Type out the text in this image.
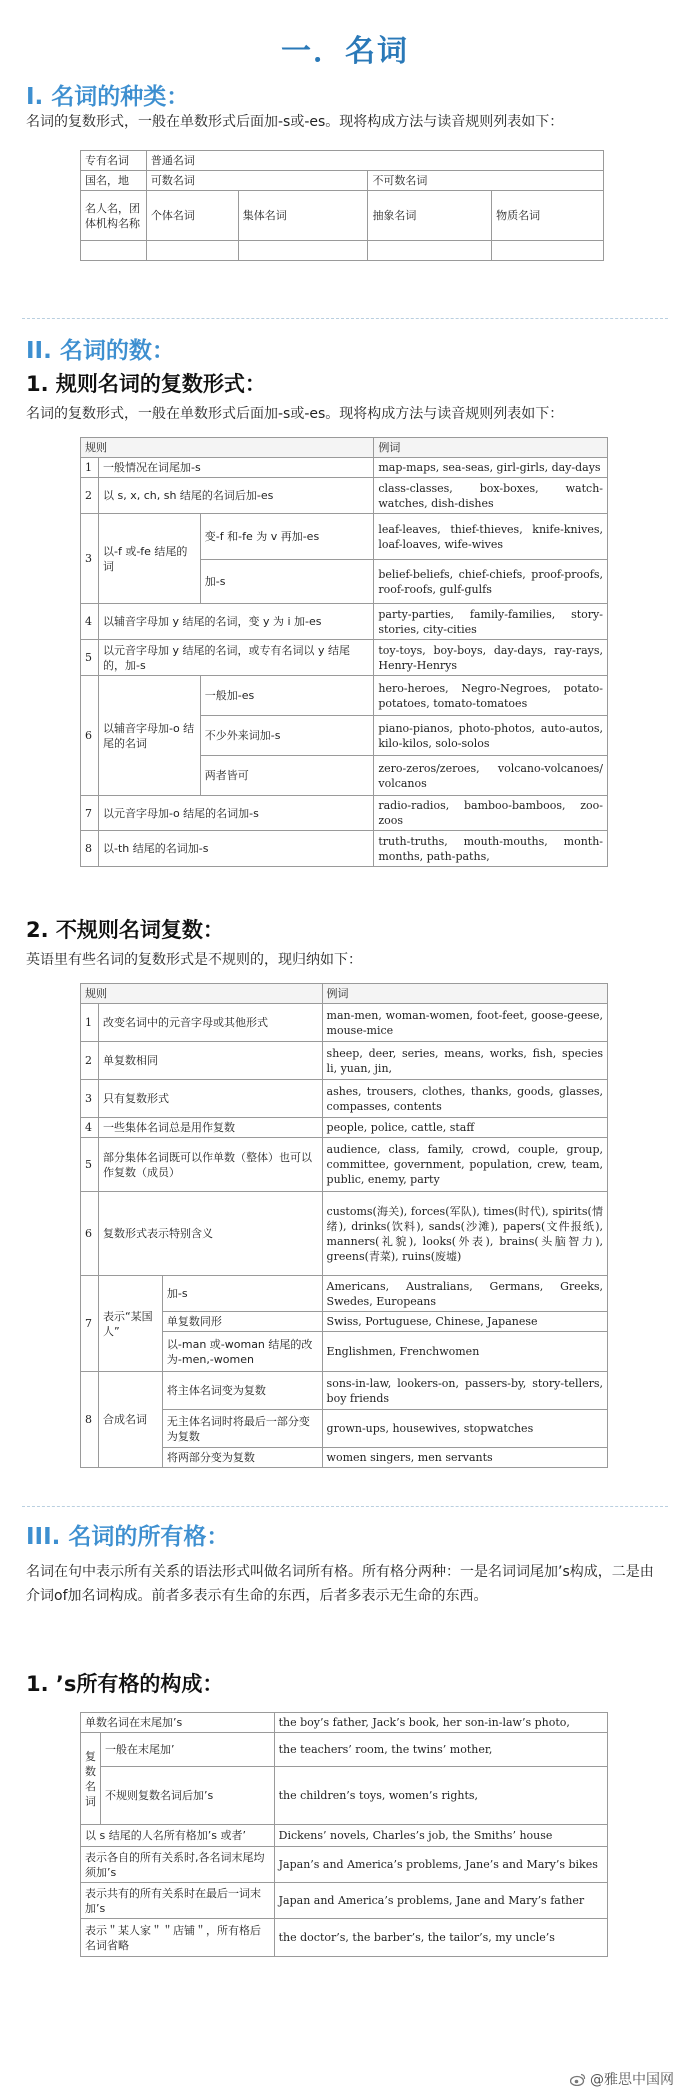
一．名词
I. 名词的种类：

名词的复数形式，一般在单数形式后面加-s或-es。现将构成方法与读音规则列表如下：

专有名词	普通名词			
国名，地	可数名词		不可数名词	
名人名，团体机构名称	个体名词	集体名词	抽象名词	物质名词

II. 名词的数：
1. 规则名词的复数形式：

名词的复数形式，一般在单数形式后面加-s或-es。现将构成方法与读音规则列表如下：

规则			例词
1	一般情况在词尾加-s		map-maps, sea-seas, girl-girls, day-days
2	以 s, x, ch, sh 结尾的名词后加-es		class-classes, box-boxes, watch-watches, dish-dishes
3	以-f 或-fe 结尾的词	变-f 和-fe 为 v 再加-es	leaf-leaves, thief-thieves, knife-knives, loaf-loaves, wife-wives
		加-s	belief-beliefs, chief-chiefs, proof-proofs, roof-roofs, gulf-gulfs
4	以辅音字母加 y 结尾的名词，变 y 为 i 加-es		party-parties, family-families, story-stories, city-cities
5	以元音字母加 y 结尾的名词，或专有名词以 y 结尾的，加-s		toy-toys, boy-boys, day-days, ray-rays, Henry-Henrys
6	以辅音字母加-o 结尾的名词	一般加-es	hero-heroes, Negro-Negroes, potato-potatoes, tomato-tomatoes
		不少外来词加-s	piano-pianos, photo-photos, auto-autos, kilo-kilos, solo-solos
		两者皆可	zero-zeros/zeroes, volcano-volcanoes/ volcanos
7	以元音字母加-o 结尾的名词加-s		radio-radios, bamboo-bamboos, zoo-zoos
8	以-th 结尾的名词加-s		truth-truths, mouth-mouths, month-months, path-paths,
2. 不规则名词复数：

英语里有些名词的复数形式是不规则的，现归纳如下：

规则			例词
1	改变名词中的元音字母或其他形式		man-men, woman-women, foot-feet, goose-geese, mouse-mice
2	单复数相同		sheep, deer, series, means, works, fish, species li, yuan, jin,
3	只有复数形式		ashes, trousers, clothes, thanks, goods, glasses, compasses, contents
4	一些集体名词总是用作复数		people, police, cattle, staff
5	部分集体名词既可以作单数（整体）也可以作复数（成员）		audience, class, family, crowd, couple, group, committee, government, population, crew, team, public, enemy, party
6	复数形式表示特别含义		customs(海关), forces(军队), times(时代), spirits(情绪), drinks(饮料), sands(沙滩), papers(文件报纸), manners(礼貌), looks(外表), brains(头脑智力), greens(青菜), ruins(废墟)
7	表示“某国人”	加-s	Americans, Australians, Germans, Greeks, Swedes, Europeans
		单复数同形	Swiss, Portuguese, Chinese, Japanese
		以-man 或-woman 结尾的改为-men,-women	Englishmen, Frenchwomen
8	合成名词	将主体名词变为复数	sons-in-law, lookers-on, passers-by, story-tellers, boy friends
		无主体名词时将最后一部分变为复数	grown-ups, housewives, stopwatches
		将两部分变为复数	women singers, men servants
III. 名词的所有格：

名词在句中表示所有关系的语法形式叫做名词所有格。所有格分两种：一是名词词尾加’s构成，二是由介词of加名词构成。前者多表示有生命的东西，后者多表示无生命的东西。

1. ’s所有格的构成：
单数名词在末尾加’s		the boy’s father, Jack’s book, her son-in-law’s photo,
复数名词	一般在末尾加’	the teachers’ room, the twins’ mother,
	不规则复数名词后加’s	the children’s toys, women’s rights,
以 s 结尾的人名所有格加’s 或者’		Dickens’ novels, Charles’s job, the Smiths’ house
表示各自的所有关系时,各名词末尾均须加’s		Japan’s and America’s problems, Jane’s and Mary’s bikes
表示共有的所有关系时在最后一词末加’s		Japan and America’s problems, Jane and Mary’s father
表示＂某人家＂＂店铺＂，所有格后名词省略		the doctor’s, the barber’s, the tailor’s, my uncle’s
@雅思中国网
